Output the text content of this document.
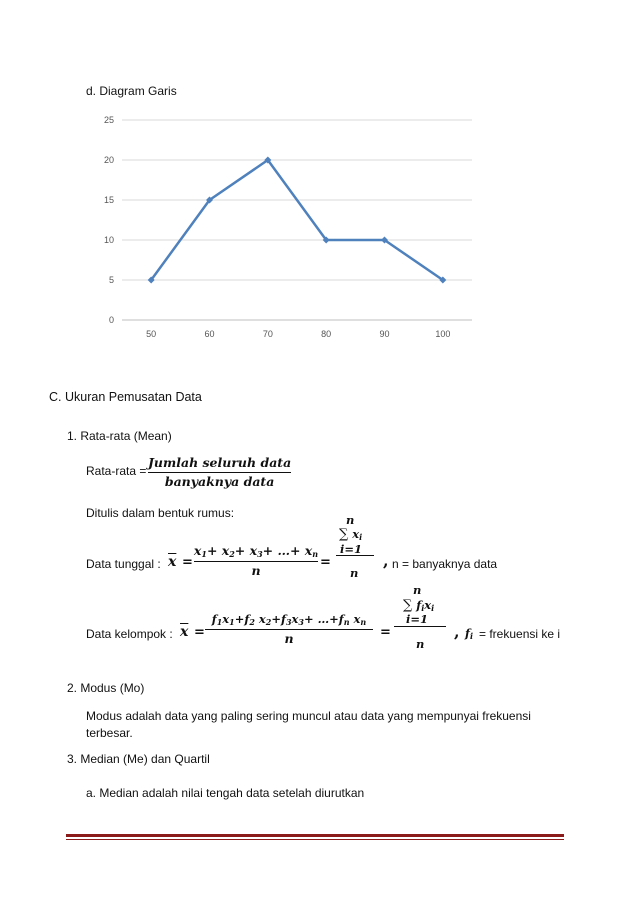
d. Diagram Garis
0
5
10
15
20
25
50	60	70	80	90	100
C. Ukuran Pemusatan Data
1. Rata-rata (Mean)
Rata-rata =
Jumlah seluruh data
banyaknya data
Ditulis dalam bentuk rumus:
Data tunggal : $\overline{x}$ =
$x_1+ x_2+ x_3+$ …+ $x_n$
n
=
n
∑ $x_i$
i=1
n
, n = banyaknya data
Data kelompok : $\overline{x}$ =
$f_1x_1+f_2$ $x_2+f_3x_3+$ $\dots+f_n$ $x_n$
n	=
n
∑ $f_ix_i$
i=1
n
, $f_i$ = frekuensi ke i
2. Modus (Mo)
Modus adalah data yang paling sering muncul atau data yang mempunyai frekuensi
terbesar.
3. Median (Me) dan Quartil
a. Median adalah nilai tengah data setelah diurutkan
